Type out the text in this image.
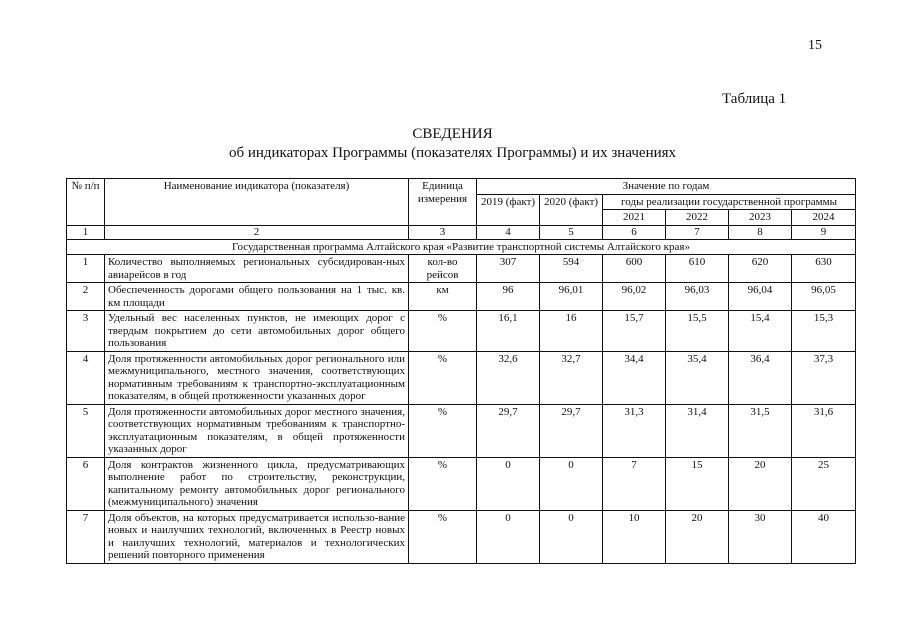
15
Таблица 1
СВЕДЕНИЯ
об индикаторах Программы (показателях Программы) и их значениях
№ п/п	Наименование индикатора (показателя)	Единица измерения	Значение по годам					
			2019 (факт)	2020 (факт)	годы реализации государственной программы			
					2021	2022	2023	2024
1	2	3	4	5	6	7	8	9
Государственная программа Алтайского края «Развитие транспортной системы Алтайского края»								
1	Количество выполняемых региональных субсидирован-ных авиарейсов в год	кол-во рейсов	307	594	600	610	620	630
2	Обеспеченность дорогами общего пользования на 1 тыс. кв. км площади	км	96	96,01	96,02	96,03	96,04	96,05
3	Удельный вес населенных пунктов, не имеющих дорог с твердым покрытием до сети автомобильных дорог общего пользования	%	16,1	16	15,7	15,5	15,4	15,3
4	Доля протяженности автомобильных дорог регионального или межмуниципального, местного значения, соответствующих нормативным требованиям к транспортно-эксплуатационным показателям, в общей протяженности указанных дорог	%	32,6	32,7	34,4	35,4	36,4	37,3
5	Доля протяженности автомобильных дорог местного значения, соответствующих нормативным требованиям к транспортно-эксплуатационным показателям, в общей протяженности указанных дорог	%	29,7	29,7	31,3	31,4	31,5	31,6
6	Доля контрактов жизненного цикла, предусматривающих выполнение работ по строительству, реконструкции, капитальному ремонту автомобильных дорог регионального (межмуниципального) значения	%	0	0	7	15	20	25
7	Доля объектов, на которых предусматривается использо-вание новых и наилучших технологий, включенных в Реестр новых и наилучших технологий, материалов и технологических решений повторного применения	%	0	0	10	20	30	40
